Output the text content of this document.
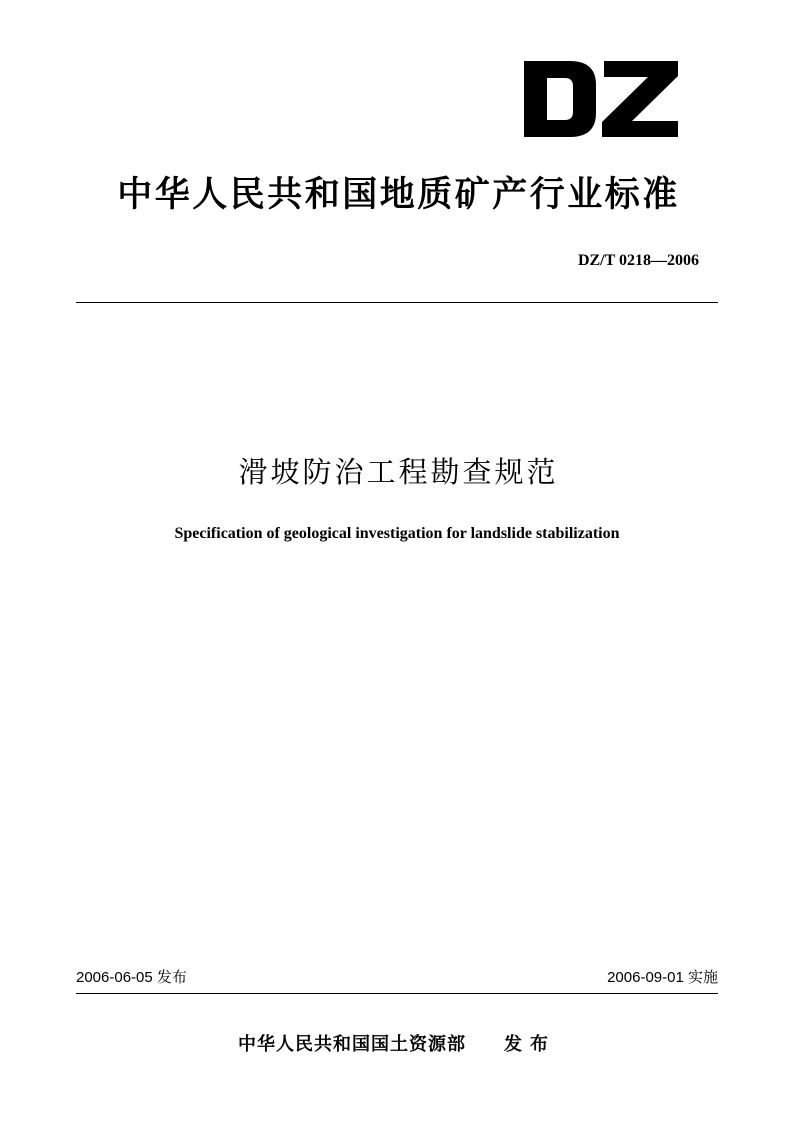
中华人民共和国地质矿产行业标准
DZ/T 0218—2006
滑坡防治工程勘查规范
Specification of geological investigation for landslide stabilization
2006-06-05 发布	2006-09-01 实施
中华人民共和国国土资源部 发布
